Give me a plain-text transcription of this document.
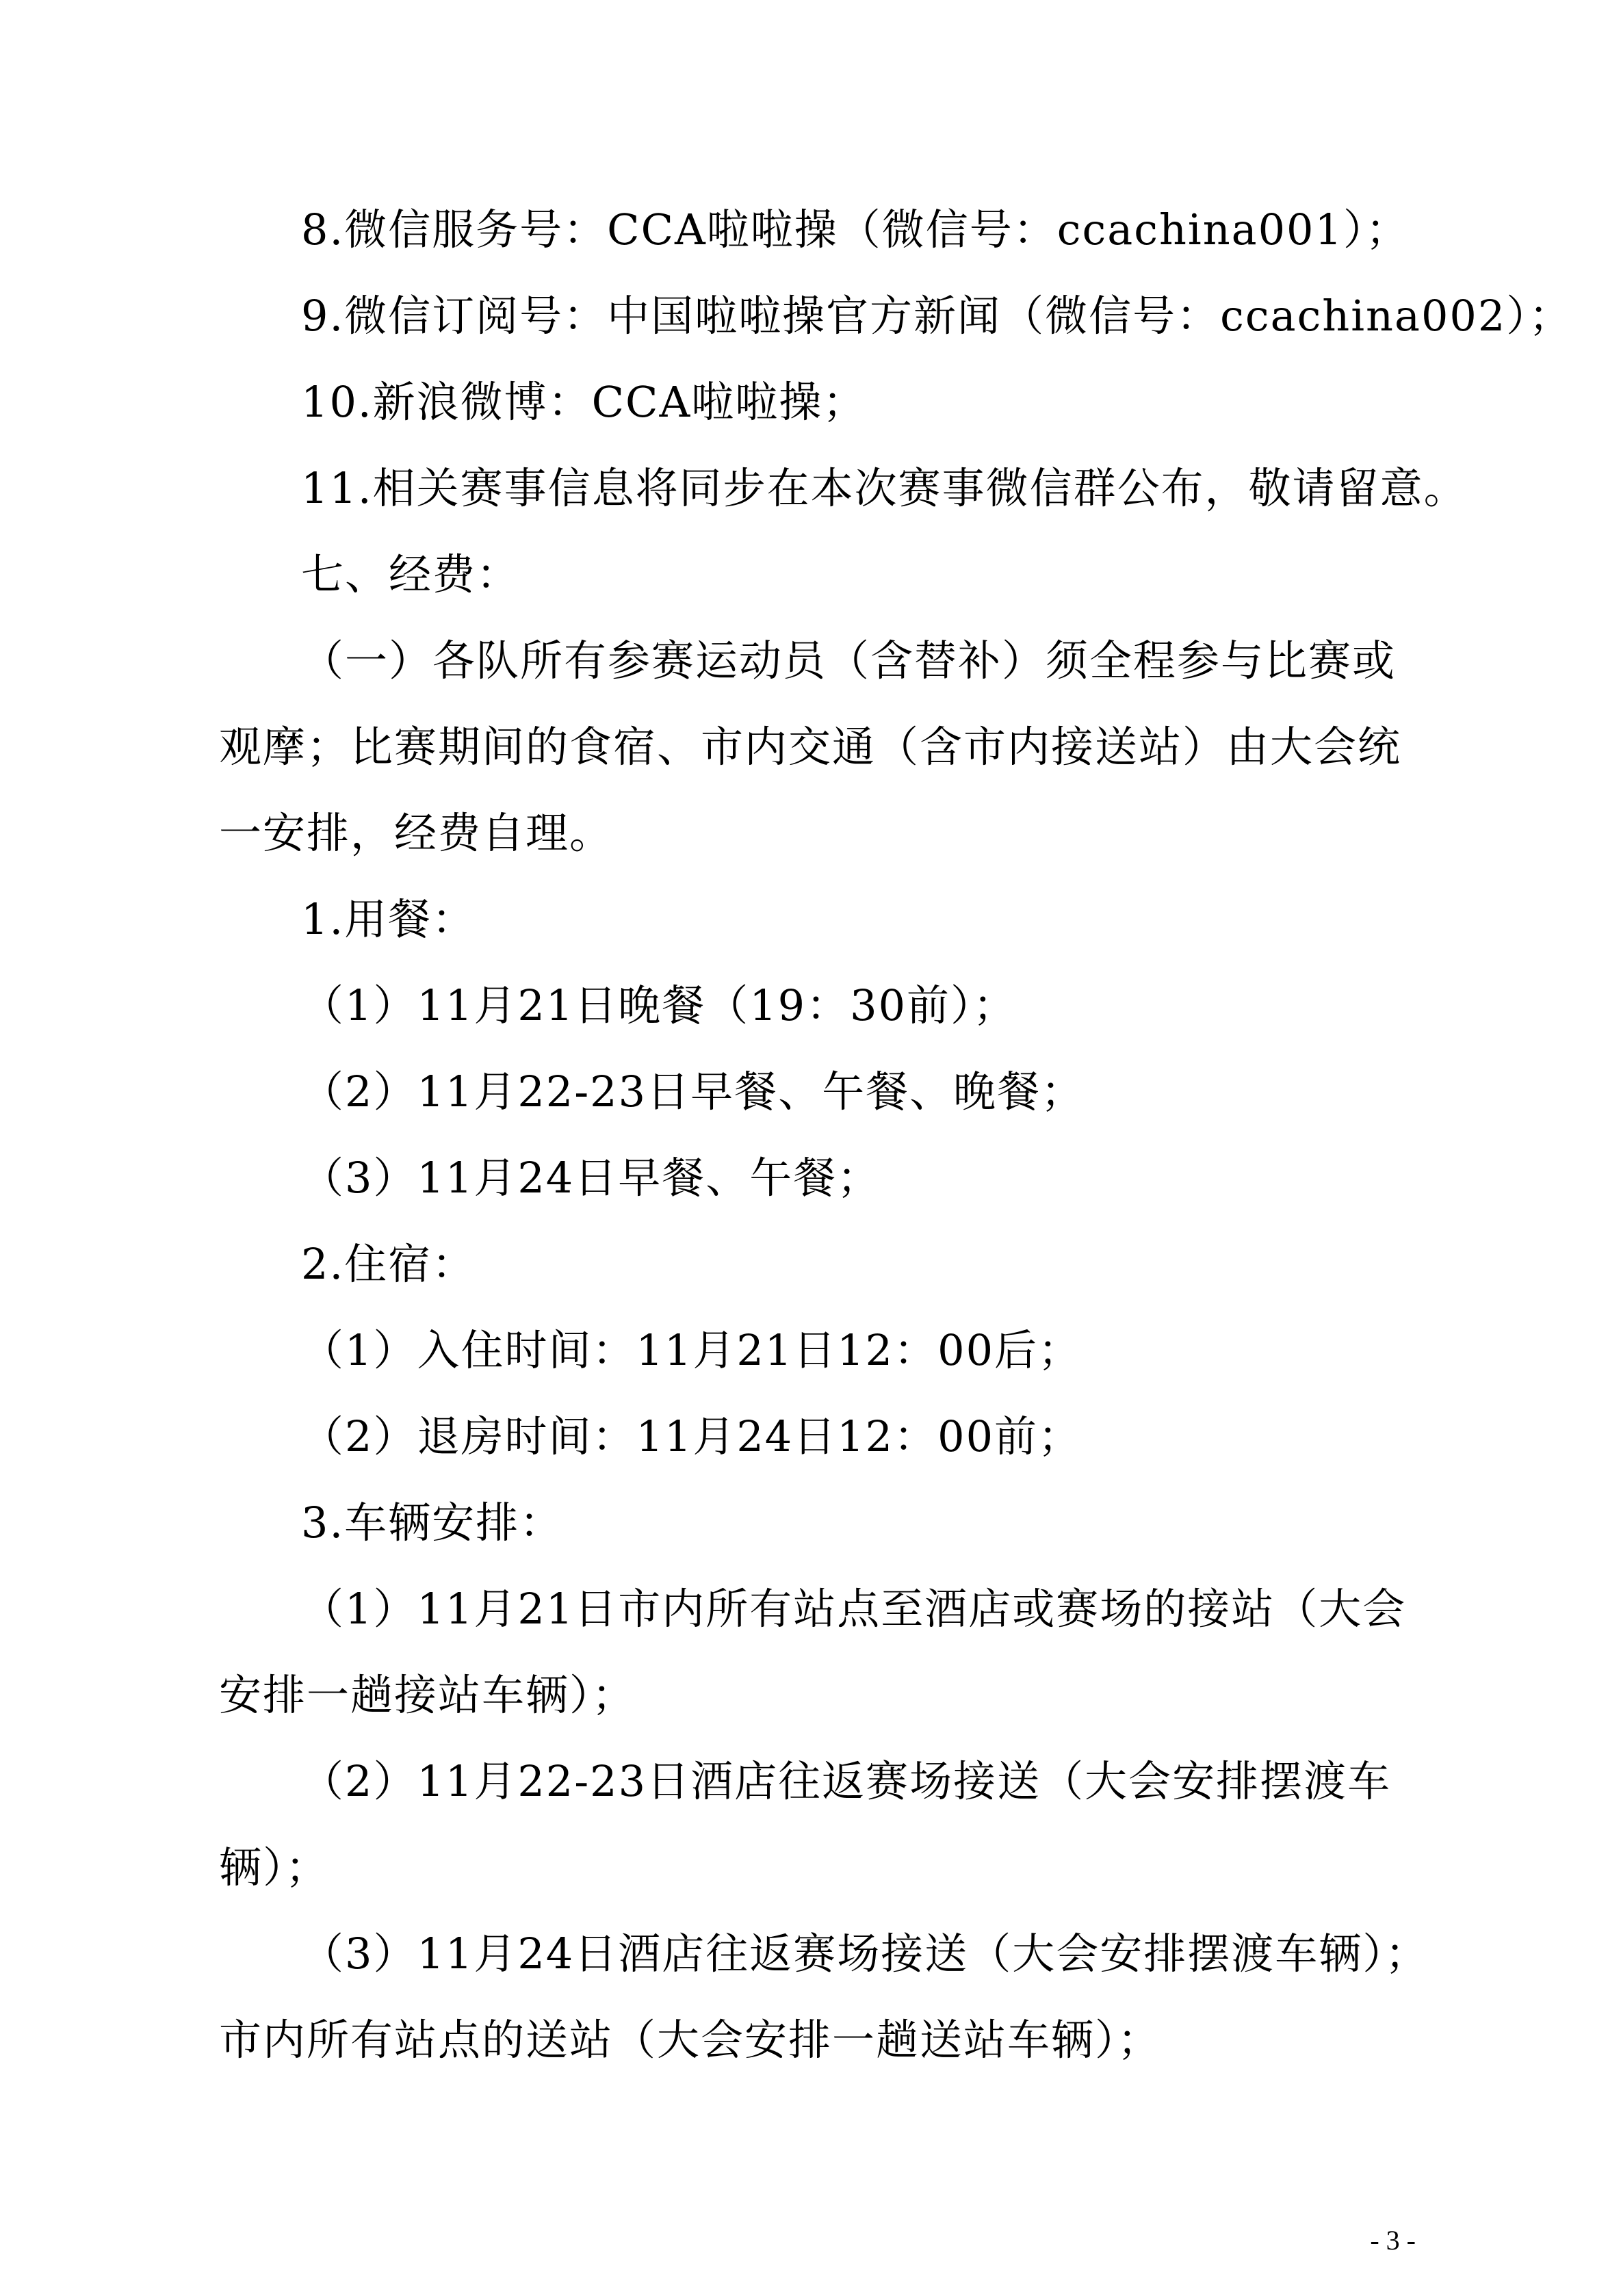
8.微信服务号：CCA啦啦操（微信号：ccachina001）；
9.微信订阅号：中国啦啦操官方新闻（微信号：ccachina002）；
10.新浪微博：CCA啦啦操；
11.相关赛事信息将同步在本次赛事微信群公布，敬请留意。
七、经费：
（一）各队所有参赛运动员（含替补）须全程参与比赛或
观摩；比赛期间的食宿、市内交通（含市内接送站）由大会统
一安排，经费自理。
1.用餐：
（1）11月21日晚餐（19：30前）；
（2）11月22-23日早餐、午餐、晚餐；
（3）11月24日早餐、午餐；
2.住宿：
（1）入住时间：11月21日12：00后；
（2）退房时间：11月24日12：00前；
3.车辆安排：
（1）11月21日市内所有站点至酒店或赛场的接站（大会
安排一趟接站车辆）；
（2）11月22-23日酒店往返赛场接送（大会安排摆渡车
辆）；
（3）11月24日酒店往返赛场接送（大会安排摆渡车辆）；
市内所有站点的送站（大会安排一趟送站车辆）；
- 3 -
